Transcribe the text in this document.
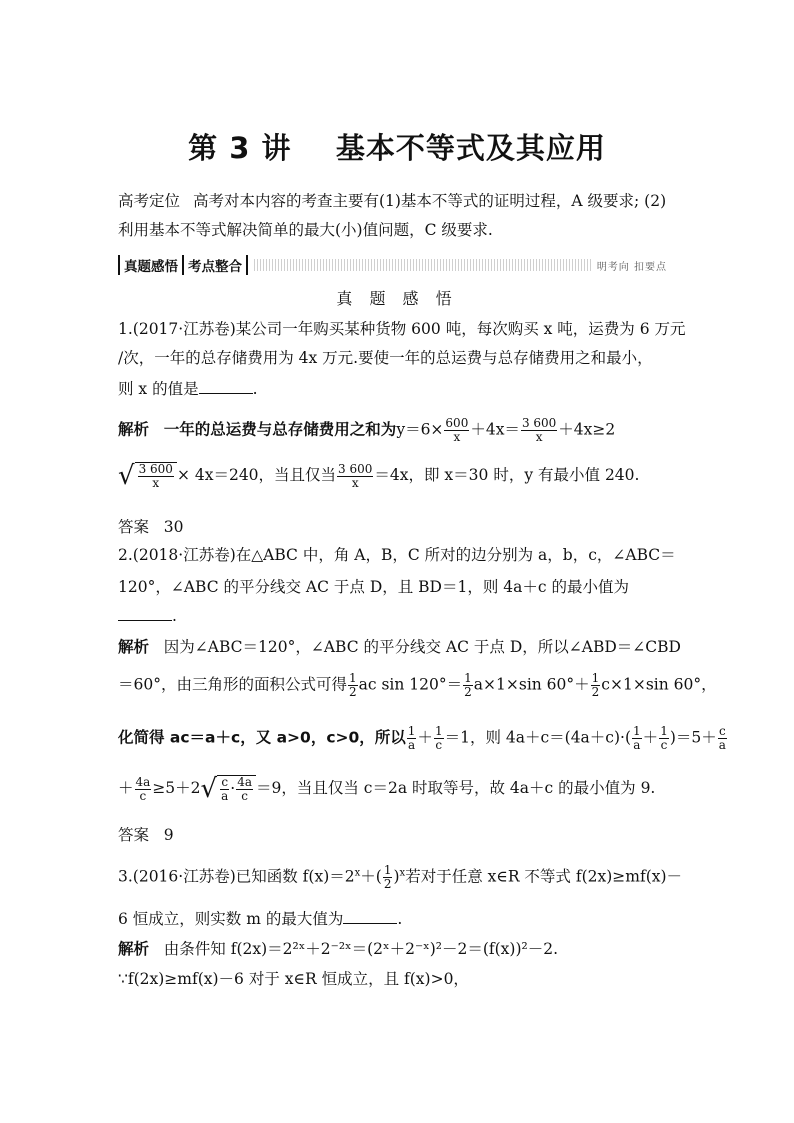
第 3 讲    基本不等式及其应用
高考定位 高考对本内容的考查主要有(1)基本不等式的证明过程，A 级要求; (2)
利用基本不等式解决简单的最大(小)值问题，C 级要求.
真题感悟 考点整合	明考向 扣要点
真 题 感 悟
1.(2017·江苏卷)某公司一年购买某种货物 600 吨，每次购买 x 吨，运费为 6 万元
/次，一年的总存储费用为 4x 万元.要使一年的总运费与总存储费用之和最小，
则 x 的值是	.
解析 一年的总运费与总存储费用之和为$y=6\times \frac{600}{x} +4x= \frac{3 600}{x} +4x\ge 2$
√ $\frac{3 600}{x} \times 4x=240$，当且仅当 $\frac{3 600}{x} =4x$，即 x＝30 时，y 有最小值 240.
答案 30
2.(2018·江苏卷)在△ABC 中，角 A，B，C 所对的边分别为 a，b，c，∠ABC＝
120°，∠ABC 的平分线交 AC 于点 D，且 BD＝1，则 4a＋c 的最小值为
.
解析 因为∠ABC＝120°，∠ABC 的平分线交 AC 于点 D，所以∠ABD＝∠CBD
＝60°，由三角形的面积公式可得 $\frac{1}{2}$ ac $\sin 120^\circ= \frac{1}{2} a\times 1\times\sin$ $60^\circ+ \frac{1}{2} c\times 1\times\sin$ 60°，
化简得 ac＝a＋c，又 a>0，c>0，所以 $\frac{1}{a} + \frac{1}{c} =1$，则 $4a+c=(4a+c)\cdot( \frac{1}{a} + \frac{1}{c} )=5+ \frac{c}{a}$
＋ $\frac{4a}{c} \ge 5+2√ \frac{c}{a} \cdot \frac{4a}{c} =9$，当且仅当 c＝2a 时取等号，故 4a＋c 的最小值为 9.
答案 9
3.(2016·江苏卷)已知函数 $f(x)=2^x+( \frac{1}{2} )^x$若对于任意 x∈R 不等式 f(2x)≥mf(x)－
6 恒成立，则实数 m 的最大值为	.
解析 由条件知 f(2x)＝2²ˣ＋2⁻²ˣ＝(2ˣ＋2⁻ˣ)²－2＝(f(x))²－2.
∵f(2x)≥mf(x)－6 对于 x∈R 恒成立，且 f(x)>0，
